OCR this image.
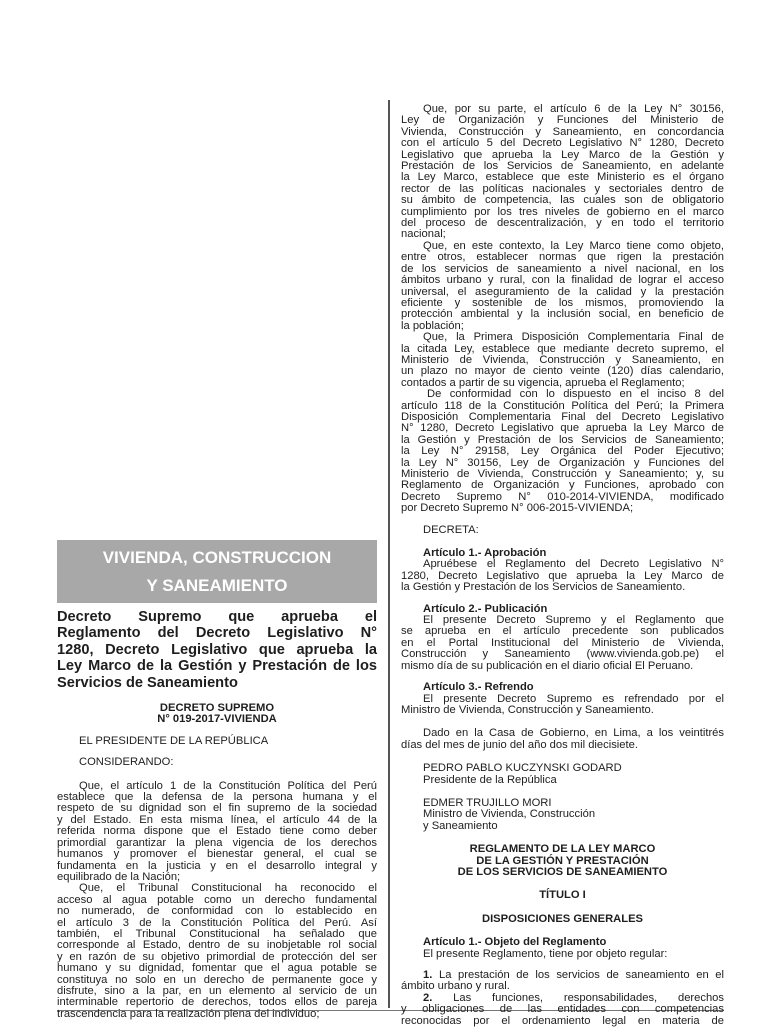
VIVIENDA, CONSTRUCCION
Y SANEAMIENTO

Decreto Supremo que aprueba el

Reglamento del Decreto Legislativo N°

1280, Decreto Legislativo que aprueba la

Ley Marco de la Gestión y Prestación de los

Servicios de Saneamiento

DECRETO SUPREMO

N° 019-2017-VIVIENDA

EL PRESIDENTE DE LA REPÚBLICA

CONSIDERANDO:

Que, el artículo 1 de la Constitución Política del Perú

establece que la defensa de la persona humana y el

respeto de su dignidad son el fin supremo de la sociedad

y del Estado. En esta misma línea, el artículo 44 de la

referida norma dispone que el Estado tiene como deber

primordial garantizar la plena vigencia de los derechos

humanos y promover el bienestar general, el cual se

fundamenta en la justicia y en el desarrollo integral y

equilibrado de la Nación;

Que, el Tribunal Constitucional ha reconocido el

acceso al agua potable como un derecho fundamental

no numerado, de conformidad con lo establecido en

el artículo 3 de la Constitución Política del Perú. Así

también, el Tribunal Constitucional ha señalado que

corresponde al Estado, dentro de su inobjetable rol social

y en razón de su objetivo primordial de protección del ser

humano y su dignidad, fomentar que el agua potable se

constituya no solo en un derecho de permanente goce y

disfrute, sino a la par, en un elemento al servicio de un

interminable repertorio de derechos, todos ellos de pareja

trascendencia para la realización plena del individuo;

Que, por su parte, el artículo 6 de la Ley N° 30156,

Ley de Organización y Funciones del Ministerio de

Vivienda, Construcción y Saneamiento, en concordancia

con el artículo 5 del Decreto Legislativo N° 1280, Decreto

Legislativo que aprueba la Ley Marco de la Gestión y

Prestación de los Servicios de Saneamiento, en adelante

la Ley Marco, establece que este Ministerio es el órgano

rector de las políticas nacionales y sectoriales dentro de

su ámbito de competencia, las cuales son de obligatorio

cumplimiento por los tres niveles de gobierno en el marco

del proceso de descentralización, y en todo el territorio

nacional;

Que, en este contexto, la Ley Marco tiene como objeto,

entre otros, establecer normas que rigen la prestación

de los servicios de saneamiento a nivel nacional, en los

ámbitos urbano y rural, con la finalidad de lograr el acceso

universal, el aseguramiento de la calidad y la prestación

eficiente y sostenible de los mismos, promoviendo la

protección ambiental y la inclusión social, en beneficio de

la población;

Que, la Primera Disposición Complementaria Final de

la citada Ley, establece que mediante decreto supremo, el

Ministerio de Vivienda, Construcción y Saneamiento, en

un plazo no mayor de ciento veinte (120) días calendario,

contados a partir de su vigencia, aprueba el Reglamento;

De conformidad con lo dispuesto en el inciso 8 del

artículo 118 de la Constitución Política del Perú; la Primera

Disposición Complementaria Final del Decreto Legislativo

N° 1280, Decreto Legislativo que aprueba la Ley Marco de

la Gestión y Prestación de los Servicios de Saneamiento;

la Ley N° 29158, Ley Orgánica del Poder Ejecutivo;

la Ley N° 30156, Ley de Organización y Funciones del

Ministerio de Vivienda, Construcción y Saneamiento; y, su

Reglamento de Organización y Funciones, aprobado con

Decreto Supremo N° 010-2014-VIVIENDA, modificado

por Decreto Supremo N° 006-2015-VIVIENDA;

DECRETA:

Artículo 1.- Aprobación

Apruébese el Reglamento del Decreto Legislativo N°

1280, Decreto Legislativo que aprueba la Ley Marco de

la Gestión y Prestación de los Servicios de Saneamiento.

Artículo 2.- Publicación

El presente Decreto Supremo y el Reglamento que

se aprueba en el artículo precedente son publicados

en el Portal Institucional del Ministerio de Vivienda,

Construcción y Saneamiento (www.vivienda.gob.pe) el

mismo día de su publicación en el diario oficial El Peruano.

Artículo 3.- Refrendo

El presente Decreto Supremo es refrendado por el

Ministro de Vivienda, Construcción y Saneamiento.

Dado en la Casa de Gobierno, en Lima, a los veintitrés

días del mes de junio del año dos mil diecisiete.

PEDRO PABLO KUCZYNSKI GODARD

Presidente de la República

EDMER TRUJILLO MORI

Ministro de Vivienda, Construcción

y Saneamiento

REGLAMENTO DE LA LEY MARCO

DE LA GESTIÓN Y PRESTACIÓN

DE LOS SERVICIOS DE SANEAMIENTO

TÍTULO I

DISPOSICIONES GENERALES

Artículo 1.- Objeto del Reglamento

El presente Reglamento, tiene por objeto regular:

1. La prestación de los servicios de saneamiento en el

ámbito urbano y rural.

2. Las funciones, responsabilidades, derechos

y obligaciones de las entidades con competencias

reconocidas por el ordenamiento legal en materia de
